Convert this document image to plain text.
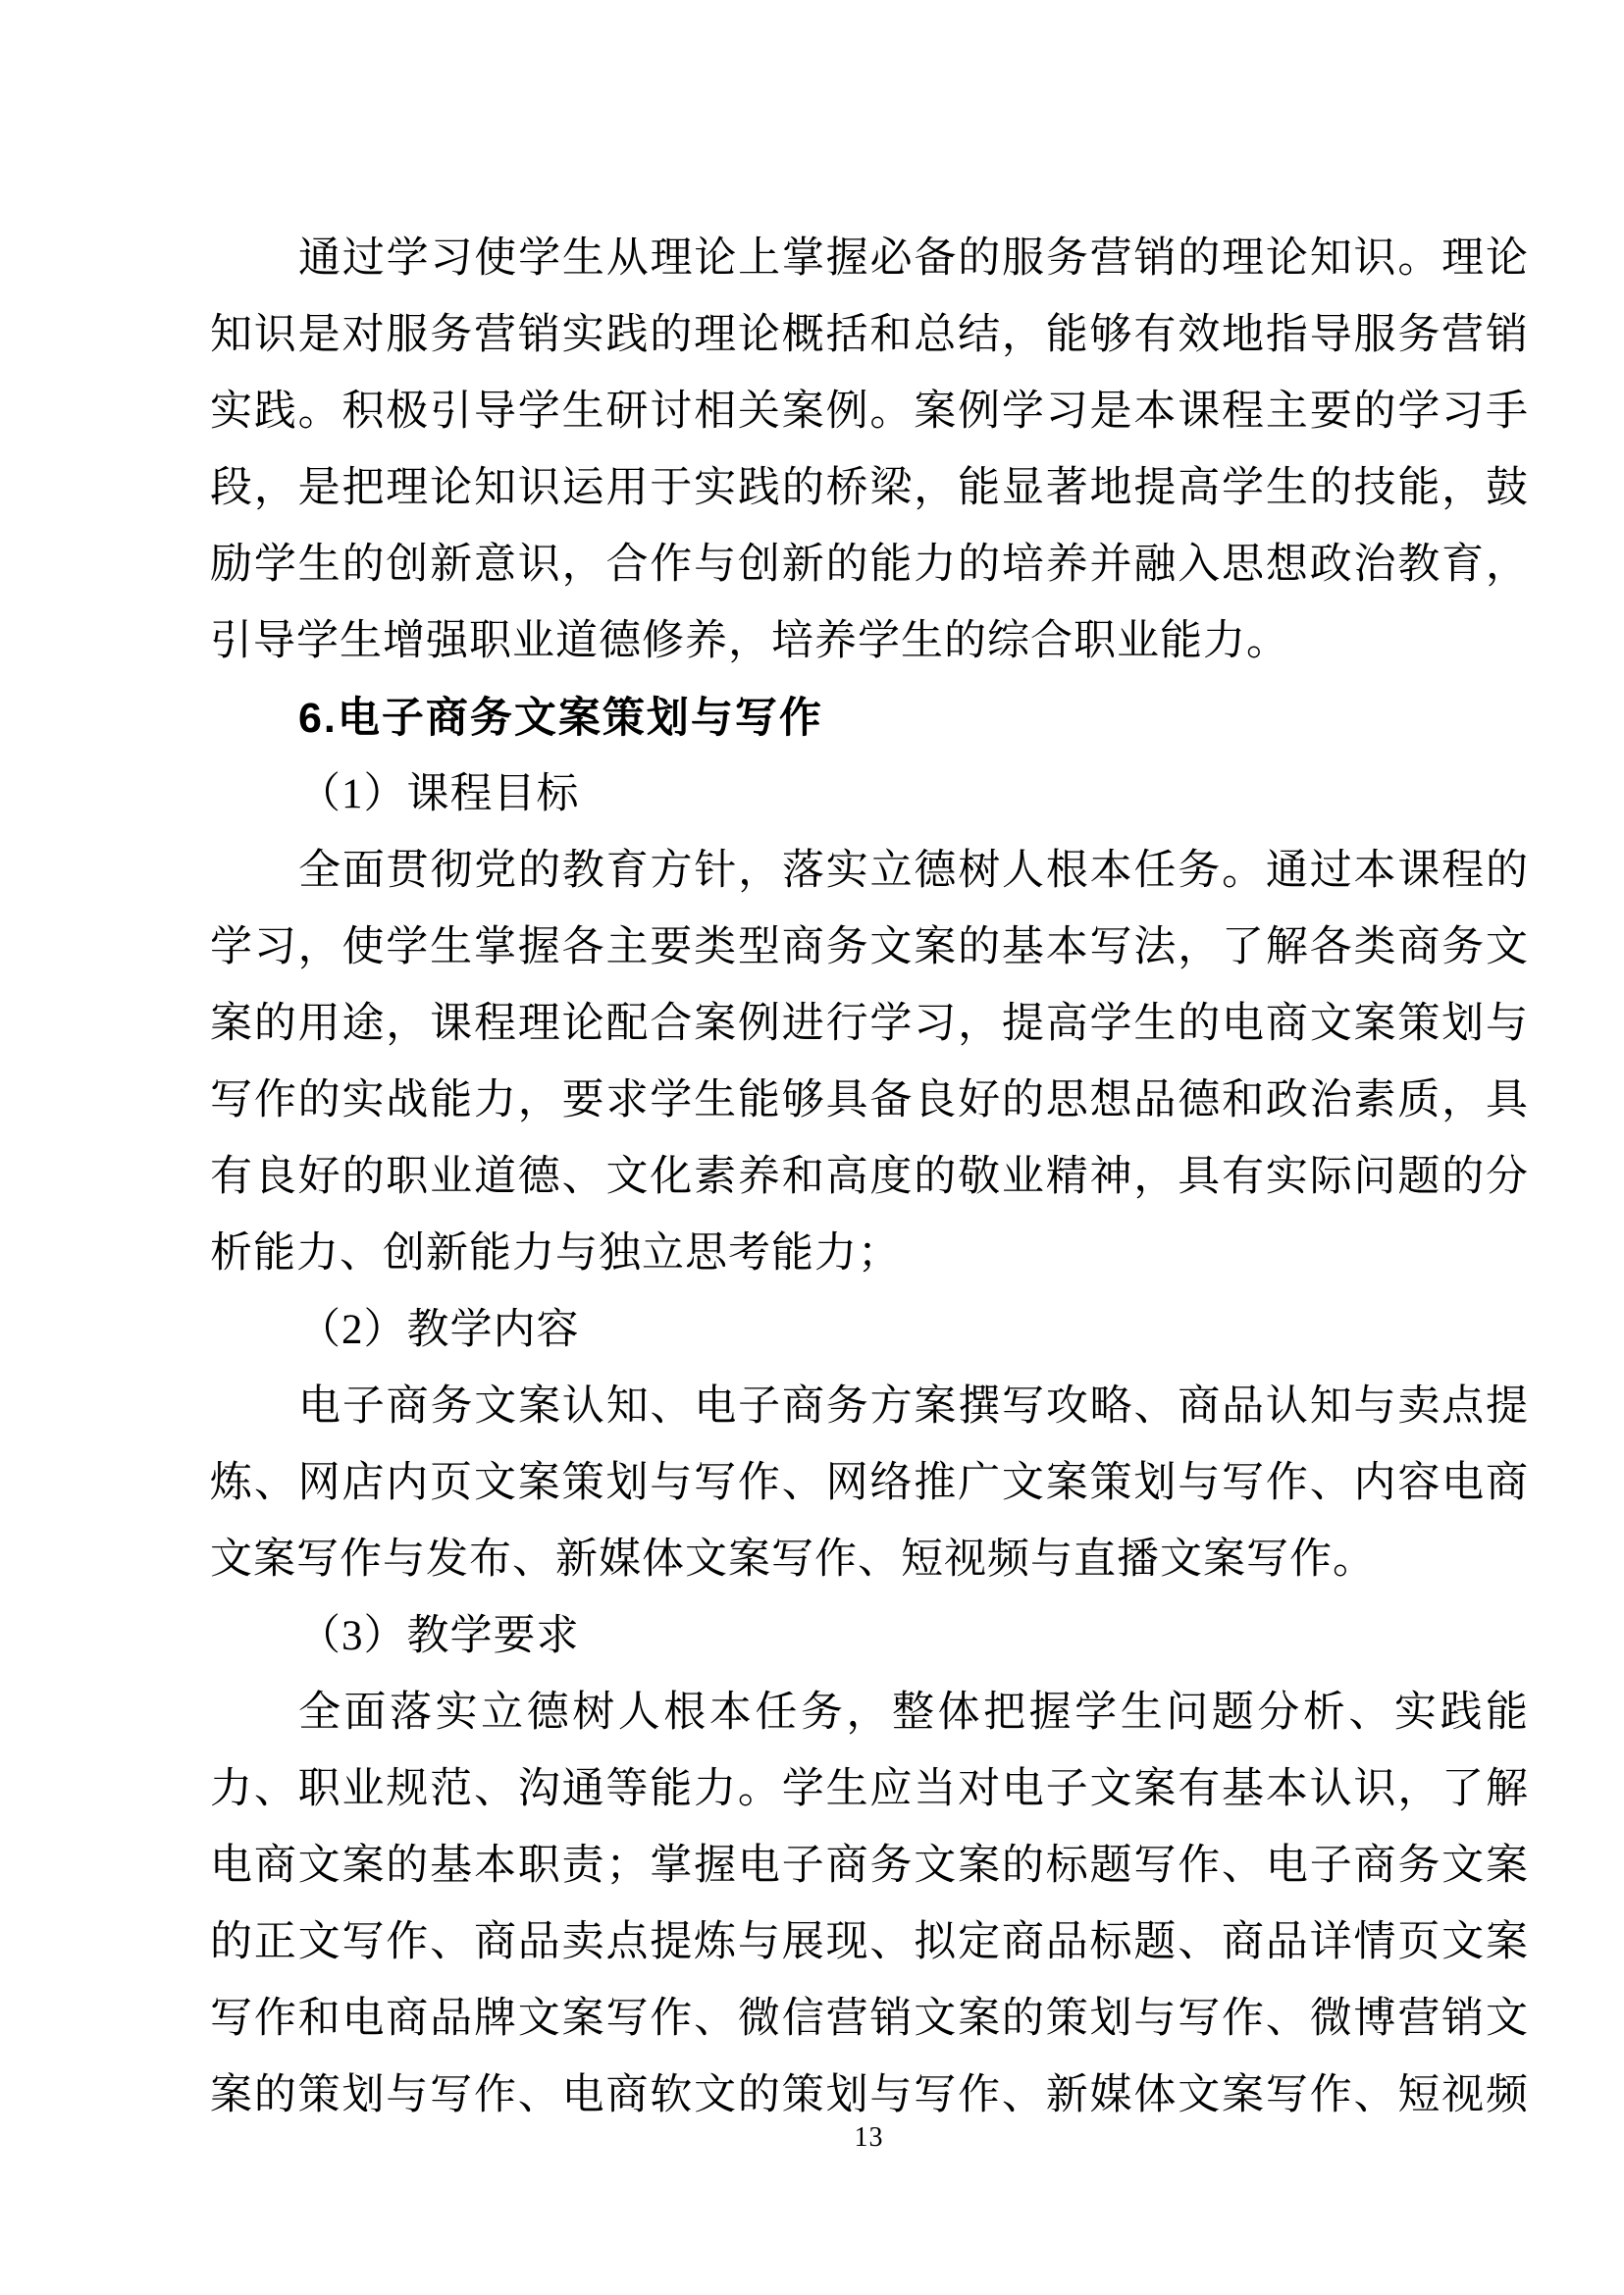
通过学习使学生从理论上掌握必备的服务营销的理论知识。理论
知识是对服务营销实践的理论概括和总结，能够有效地指导服务营销
实践。积极引导学生研讨相关案例。案例学习是本课程主要的学习手
段，是把理论知识运用于实践的桥梁，能显著地提高学生的技能，鼓
励学生的创新意识，合作与创新的能力的培养并融入思想政治教育，
引导学生增强职业道德修养，培养学生的综合职业能力。
6.电子商务文案策划与写作
（1）课程目标
全面贯彻党的教育方针，落实立德树人根本任务。通过本课程的
学习，使学生掌握各主要类型商务文案的基本写法，了解各类商务文
案的用途，课程理论配合案例进行学习，提高学生的电商文案策划与
写作的实战能力，要求学生能够具备良好的思想品德和政治素质，具
有良好的职业道德、文化素养和高度的敬业精神，具有实际问题的分
析能力、创新能力与独立思考能力；
（2）教学内容
电子商务文案认知、电子商务方案撰写攻略、商品认知与卖点提
炼、网店内页文案策划与写作、网络推广文案策划与写作、内容电商
文案写作与发布、新媒体文案写作、短视频与直播文案写作。
（3）教学要求
全面落实立德树人根本任务，整体把握学生问题分析、实践能
力、职业规范、沟通等能力。学生应当对电子文案有基本认识，了解
电商文案的基本职责；掌握电子商务文案的标题写作、电子商务文案
的正文写作、商品卖点提炼与展现、拟定商品标题、商品详情页文案
写作和电商品牌文案写作、微信营销文案的策划与写作、微博营销文
案的策划与写作、电商软文的策划与写作、新媒体文案写作、短视频
13
